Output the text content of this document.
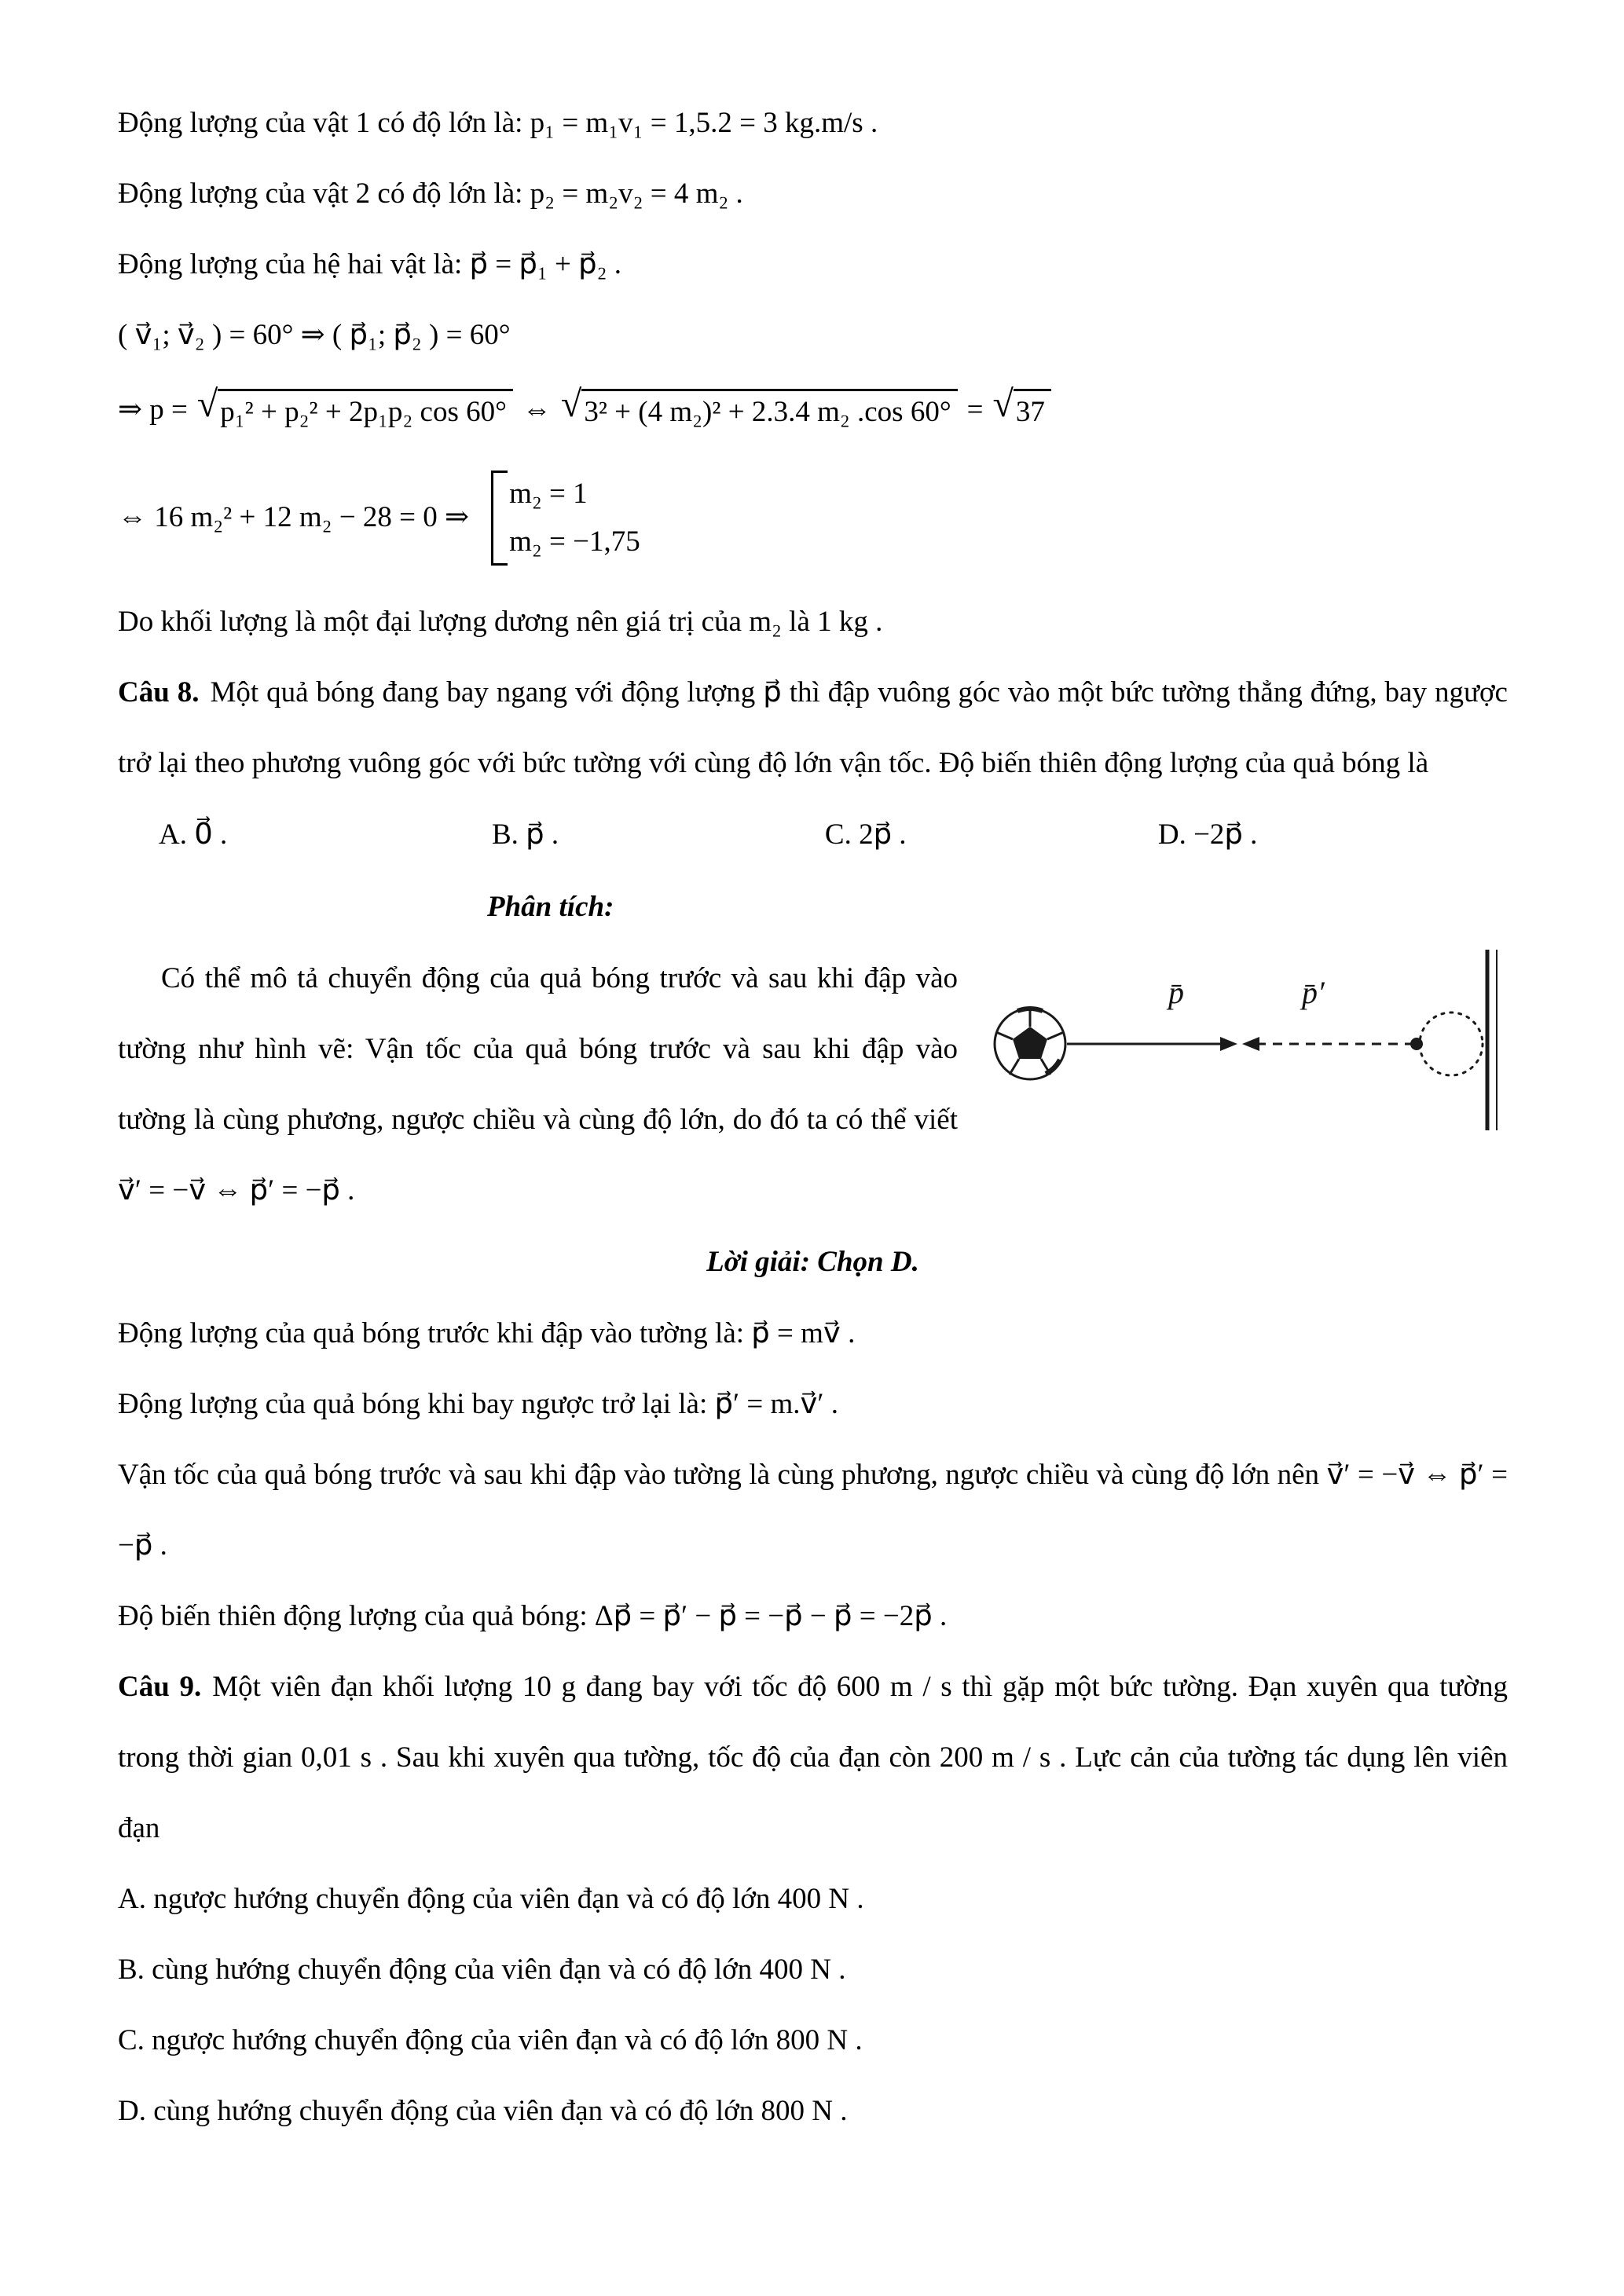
Động lượng của vật 1 có độ lớn là: p₁ = m₁v₁ = 1,5.2 = 3 kg.m/s .

Động lượng của vật 2 có độ lớn là: p₂ = m₂v₂ = 4 m₂ .

Động lượng của hệ hai vật là: p⃗ = p⃗₁ + p⃗₂ .

( v⃗₁; v⃗₂ ) = 60° ⇒ ( p⃗₁; p⃗₂ ) = 60°

⇒ p = √ p₁² + p₂² + 2p₁p₂ cos 60° ⇔ √ 3² + (4 m₂)² + 2.3.4 m₂ .cos 60° = √ 37

⇔ 16 m₂² + 12 m₂ − 28 = 0 ⇒
m₂ = 1
m₂ = −1,75

Do khối lượng là một đại lượng dương nên giá trị của m₂ là 1 kg .

Câu 8. Một quả bóng đang bay ngang với động lượng p⃗ thì đập vuông góc vào một bức tường thẳng đứng, bay ngược trở lại theo phương vuông góc với bức tường với cùng độ lớn vận tốc. Độ biến thiên động lượng của quả bóng là

A. 0⃗ .	B. p⃗ .	C. 2p⃗ .	D. −2p⃗ .

Phân tích:

p̄	p̄′
Có thể mô tả chuyển động của quả bóng trước và sau khi đập vào tường như hình vẽ: Vận tốc của quả bóng trước và sau khi đập vào tường là cùng phương, ngược chiều và cùng độ lớn, do đó ta có thể viết v⃗′ = −v⃗ ⇔ p⃗′ = −p⃗ .

Lời giải: Chọn D.

Động lượng của quả bóng trước khi đập vào tường là: p⃗ = mv⃗ .

Động lượng của quả bóng khi bay ngược trở lại là: p⃗′ = m.v⃗′ .

Vận tốc của quả bóng trước và sau khi đập vào tường là cùng phương, ngược chiều và cùng độ lớn nên v⃗′ = −v⃗ ⇔ p⃗′ = −p⃗ .

Độ biến thiên động lượng của quả bóng: Δp⃗ = p⃗′ − p⃗ = −p⃗ − p⃗ = −2p⃗ .

Câu 9. Một viên đạn khối lượng 10 g đang bay với tốc độ 600 m / s thì gặp một bức tường. Đạn xuyên qua tường trong thời gian 0,01 s . Sau khi xuyên qua tường, tốc độ của đạn còn 200 m / s . Lực cản của tường tác dụng lên viên đạn

A. ngược hướng chuyển động của viên đạn và có độ lớn 400 N .

B. cùng hướng chuyển động của viên đạn và có độ lớn 400 N .

C. ngược hướng chuyển động của viên đạn và có độ lớn 800 N .

D. cùng hướng chuyển động của viên đạn và có độ lớn 800 N .
